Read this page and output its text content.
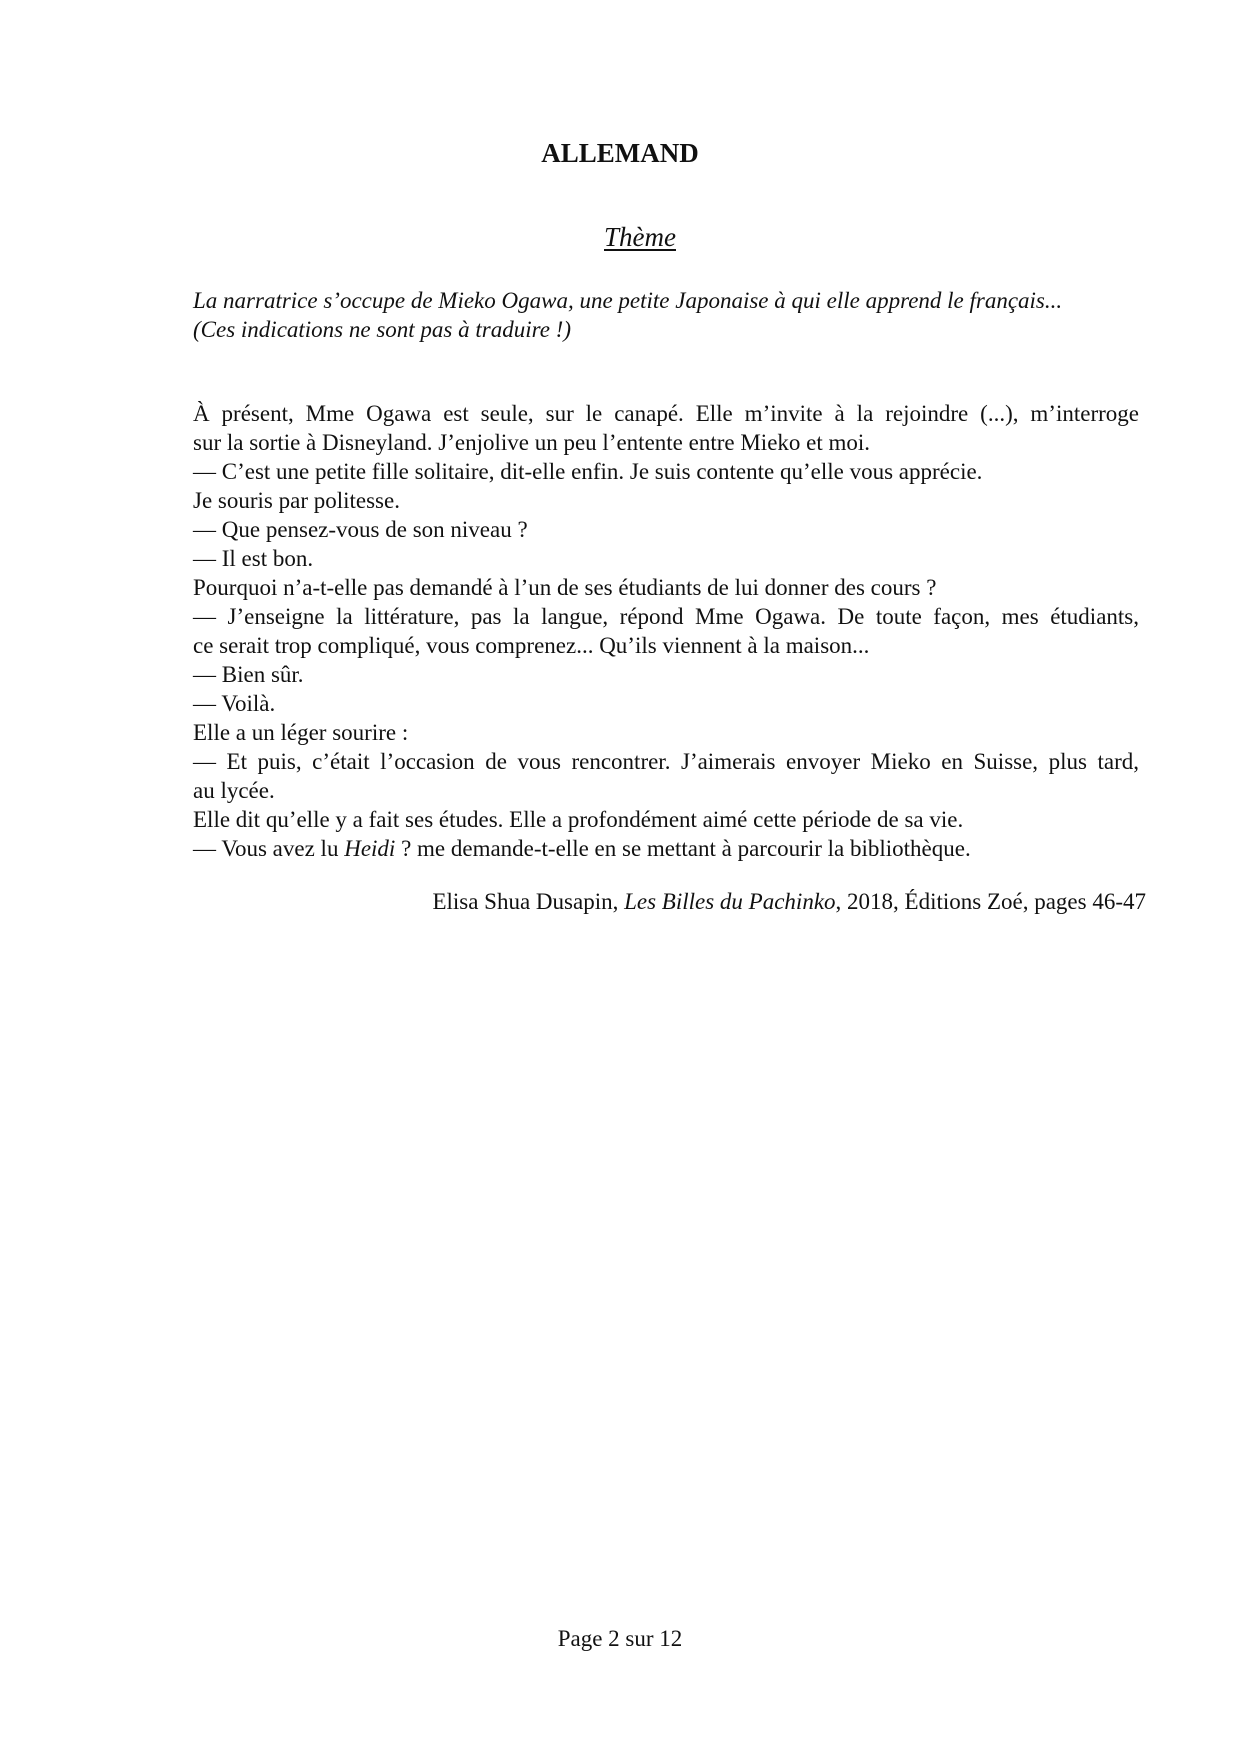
ALLEMAND
Thème
La narratrice s’occupe de Mieko Ogawa, une petite Japonaise à qui elle apprend le français...
(Ces indications ne sont pas à traduire !)
À présent, Mme Ogawa est seule, sur le canapé. Elle m’invite à la rejoindre (...), m’interroge
sur la sortie à Disneyland. J’enjolive un peu l’entente entre Mieko et moi.
— C’est une petite fille solitaire, dit-elle enfin. Je suis contente qu’elle vous apprécie.
Je souris par politesse.
— Que pensez-vous de son niveau ?
— Il est bon.
Pourquoi n’a-t-elle pas demandé à l’un de ses étudiants de lui donner des cours ?
— J’enseigne la littérature, pas la langue, répond Mme Ogawa. De toute façon, mes étudiants,
ce serait trop compliqué, vous comprenez... Qu’ils viennent à la maison...
— Bien sûr.
— Voilà.
Elle a un léger sourire :
— Et puis, c’était l’occasion de vous rencontrer. J’aimerais envoyer Mieko en Suisse, plus tard,
au lycée.
Elle dit qu’elle y a fait ses études. Elle a profondément aimé cette période de sa vie.
— Vous avez lu Heidi ? me demande-t-elle en se mettant à parcourir la bibliothèque.
Elisa Shua Dusapin, Les Billes du Pachinko, 2018, Éditions Zoé, pages 46-47
Page 2 sur 12
